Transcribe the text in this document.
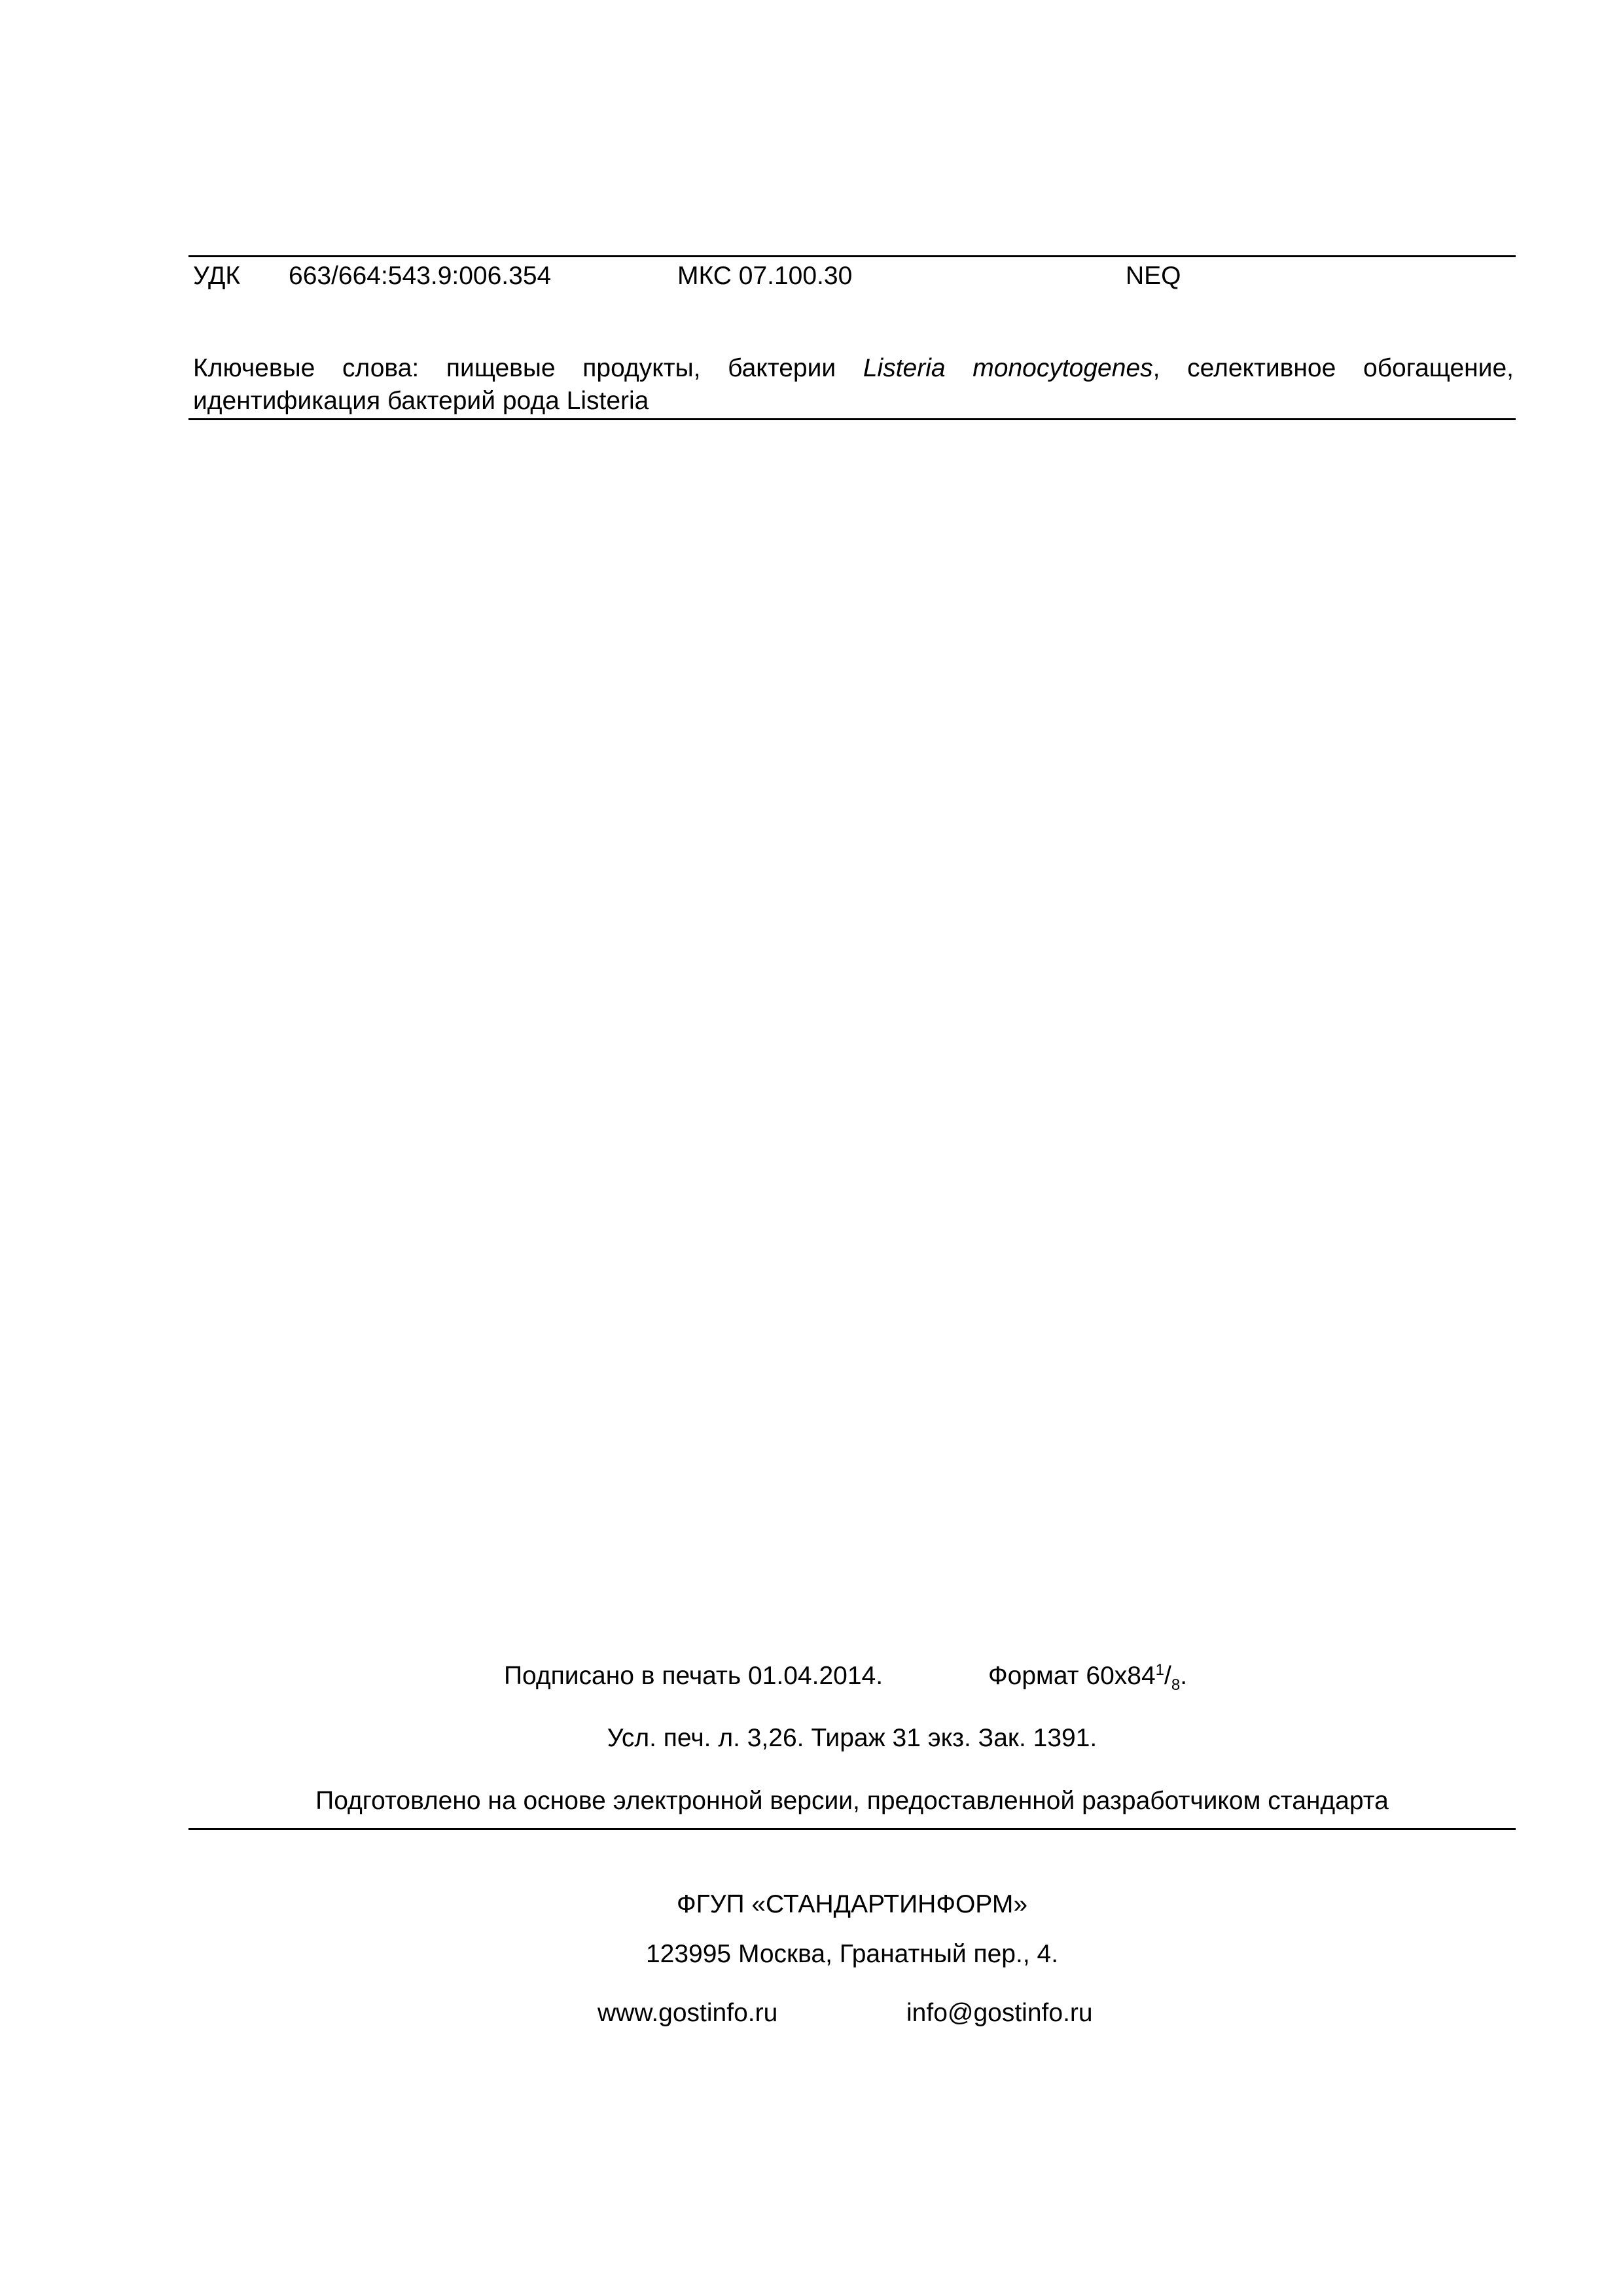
УДК 663/664:543.9:006.354	МКС 07.100.30	NEQ
Ключевые слова: пищевые продукты, бактерии Listeria monocytogenes, селективное обогащение,
идентификация бактерий рода Listeria
Подписано в печать 01.04.2014.	Формат $60x84^1/_8$.
Усл. печ. л. 3,26. Тираж 31 экз. Зак. 1391.
Подготовлено на основе электронной версии, предоставленной разработчиком стандарта
ФГУП «СТАНДАРТИНФОРМ»
123995 Москва, Гранатный пер., 4.
www.gostinfo.ru	info@gostinfo.ru
